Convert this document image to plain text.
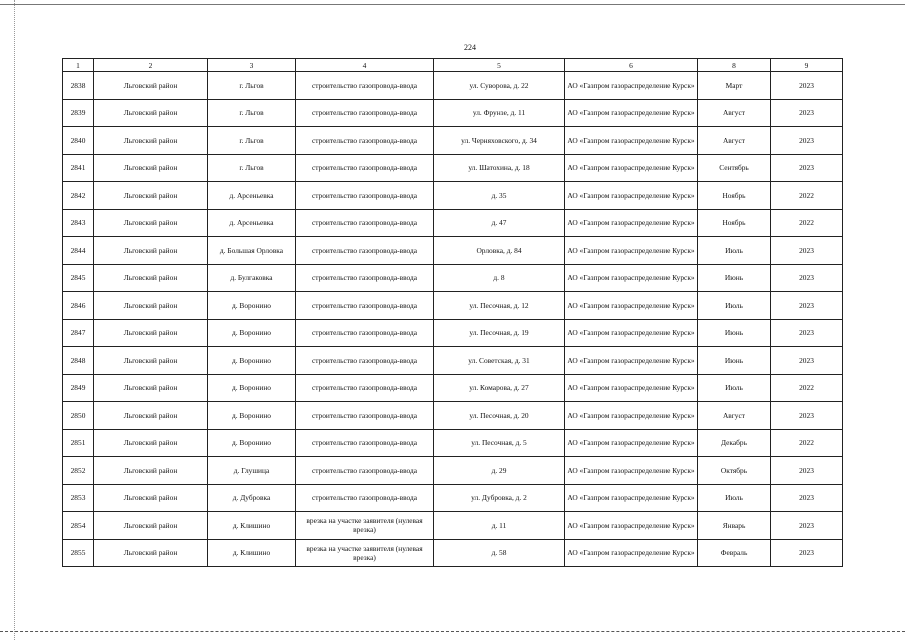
224
1	2	3	4	5	6	8	9
2838	Льговский район	г. Льгов	строительство газопровода-ввода	ул. Суворова, д. 22	АО «Газпром газораспределение Курск»	Март	2023
2839	Льговский район	г. Льгов	строительство газопровода-ввода	ул. Фрунзе, д. 11	АО «Газпром газораспределение Курск»	Август	2023
2840	Льговский район	г. Льгов	строительство газопровода-ввода	ул. Черняховского, д. 34	АО «Газпром газораспределение Курск»	Август	2023
2841	Льговский район	г. Льгов	строительство газопровода-ввода	ул. Шатохина, д. 18	АО «Газпром газораспределение Курск»	Сентябрь	2023
2842	Льговский район	д. Арсеньевка	строительство газопровода-ввода	д. 35	АО «Газпром газораспределение Курск»	Ноябрь	2022
2843	Льговский район	д. Арсеньевка	строительство газопровода-ввода	д. 47	АО «Газпром газораспределение Курск»	Ноябрь	2022
2844	Льговский район	д. Большая Орловка	строительство газопровода-ввода	Орловка, д. 84	АО «Газпром газораспределение Курск»	Июль	2023
2845	Льговский район	д. Булгаковка	строительство газопровода-ввода	д. 8	АО «Газпром газораспределение Курск»	Июнь	2023
2846	Льговский район	д. Воронино	строительство газопровода-ввода	ул. Песочная, д. 12	АО «Газпром газораспределение Курск»	Июль	2023
2847	Льговский район	д. Воронино	строительство газопровода-ввода	ул. Песочная, д. 19	АО «Газпром газораспределение Курск»	Июнь	2023
2848	Льговский район	д. Воронино	строительство газопровода-ввода	ул. Советская, д. 31	АО «Газпром газораспределение Курск»	Июнь	2023
2849	Льговский район	д. Воронино	строительство газопровода-ввода	ул. Комарова, д. 27	АО «Газпром газораспределение Курск»	Июль	2022
2850	Льговский район	д. Воронино	строительство газопровода-ввода	ул. Песочная, д. 20	АО «Газпром газораспределение Курск»	Август	2023
2851	Льговский район	д. Воронино	строительство газопровода-ввода	ул. Песочная, д. 5	АО «Газпром газораспределение Курск»	Декабрь	2022
2852	Льговский район	д. Глушица	строительство газопровода-ввода	д. 29	АО «Газпром газораспределение Курск»	Октябрь	2023
2853	Льговский район	д. Дубровка	строительство газопровода-ввода	ул. Дубровка, д. 2	АО «Газпром газораспределение Курск»	Июль	2023
2854	Льговский район	д. Клишино	врезка на участке заявителя (нулевая врезка)	д. 11	АО «Газпром газораспределение Курск»	Январь	2023
2855	Льговский район	д. Клишино	врезка на участке заявителя (нулевая врезка)	д. 58	АО «Газпром газораспределение Курск»	Февраль	2023
